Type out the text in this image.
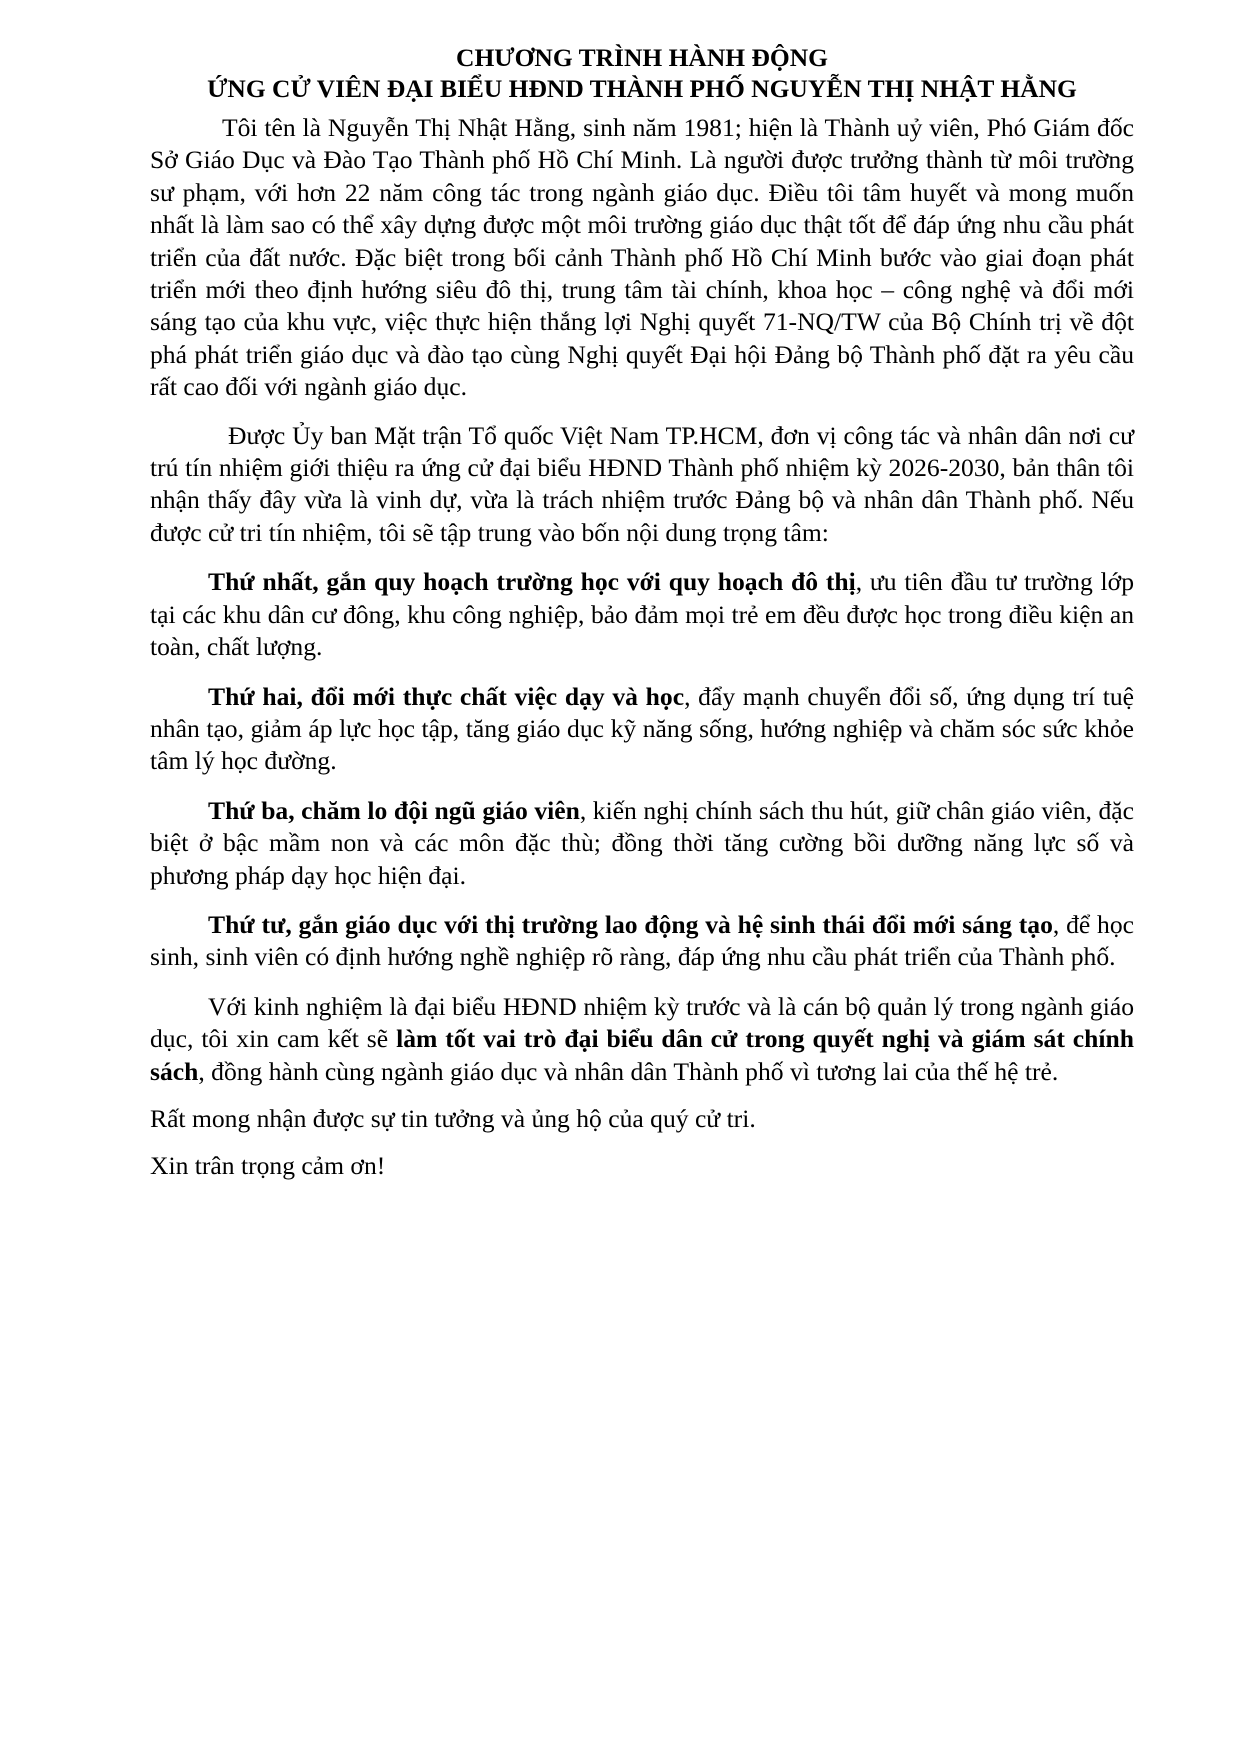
CHƯƠNG TRÌNH HÀNH ĐỘNG

ỨNG CỬ VIÊN ĐẠI BIỂU HĐND THÀNH PHỐ NGUYỄN THỊ NHẬT HẰNG

Tôi tên là Nguyễn Thị Nhật Hằng, sinh năm 1981; hiện là Thành uỷ viên, Phó Giám đốc Sở Giáo Dục và Đào Tạo Thành phố Hồ Chí Minh. Là người được trưởng thành từ môi trường sư phạm, với hơn 22 năm công tác trong ngành giáo dục. Điều tôi tâm huyết và mong muốn nhất là làm sao có thể xây dựng được một môi trường giáo dục thật tốt để đáp ứng nhu cầu phát triển của đất nước. Đặc biệt trong bối cảnh Thành phố Hồ Chí Minh bước vào giai đoạn phát triển mới theo định hướng siêu đô thị, trung tâm tài chính, khoa học – công nghệ và đổi mới sáng tạo của khu vực, việc thực hiện thắng lợi Nghị quyết 71-NQ/TW của Bộ Chính trị về đột phá phát triển giáo dục và đào tạo cùng Nghị quyết Đại hội Đảng bộ Thành phố đặt ra yêu cầu rất cao đối với ngành giáo dục.

Được Ủy ban Mặt trận Tổ quốc Việt Nam TP.HCM, đơn vị công tác và nhân dân nơi cư trú tín nhiệm giới thiệu ra ứng cử đại biểu HĐND Thành phố nhiệm kỳ 2026-2030, bản thân tôi nhận thấy đây vừa là vinh dự, vừa là trách nhiệm trước Đảng bộ và nhân dân Thành phố. Nếu được cử tri tín nhiệm, tôi sẽ tập trung vào bốn nội dung trọng tâm:

Thứ nhất, gắn quy hoạch trường học với quy hoạch đô thị, ưu tiên đầu tư trường lớp tại các khu dân cư đông, khu công nghiệp, bảo đảm mọi trẻ em đều được học trong điều kiện an toàn, chất lượng.

Thứ hai, đổi mới thực chất việc dạy và học, đẩy mạnh chuyển đổi số, ứng dụng trí tuệ nhân tạo, giảm áp lực học tập, tăng giáo dục kỹ năng sống, hướng nghiệp và chăm sóc sức khỏe tâm lý học đường.

Thứ ba, chăm lo đội ngũ giáo viên, kiến nghị chính sách thu hút, giữ chân giáo viên, đặc biệt ở bậc mầm non và các môn đặc thù; đồng thời tăng cường bồi dưỡng năng lực số và phương pháp dạy học hiện đại.

Thứ tư, gắn giáo dục với thị trường lao động và hệ sinh thái đổi mới sáng tạo, để học sinh, sinh viên có định hướng nghề nghiệp rõ ràng, đáp ứng nhu cầu phát triển của Thành phố.

Với kinh nghiệm là đại biểu HĐND nhiệm kỳ trước và là cán bộ quản lý trong ngành giáo dục, tôi xin cam kết sẽ làm tốt vai trò đại biểu dân cử trong quyết nghị và giám sát chính sách, đồng hành cùng ngành giáo dục và nhân dân Thành phố vì tương lai của thế hệ trẻ.

Rất mong nhận được sự tin tưởng và ủng hộ của quý cử tri.

Xin trân trọng cảm ơn!
